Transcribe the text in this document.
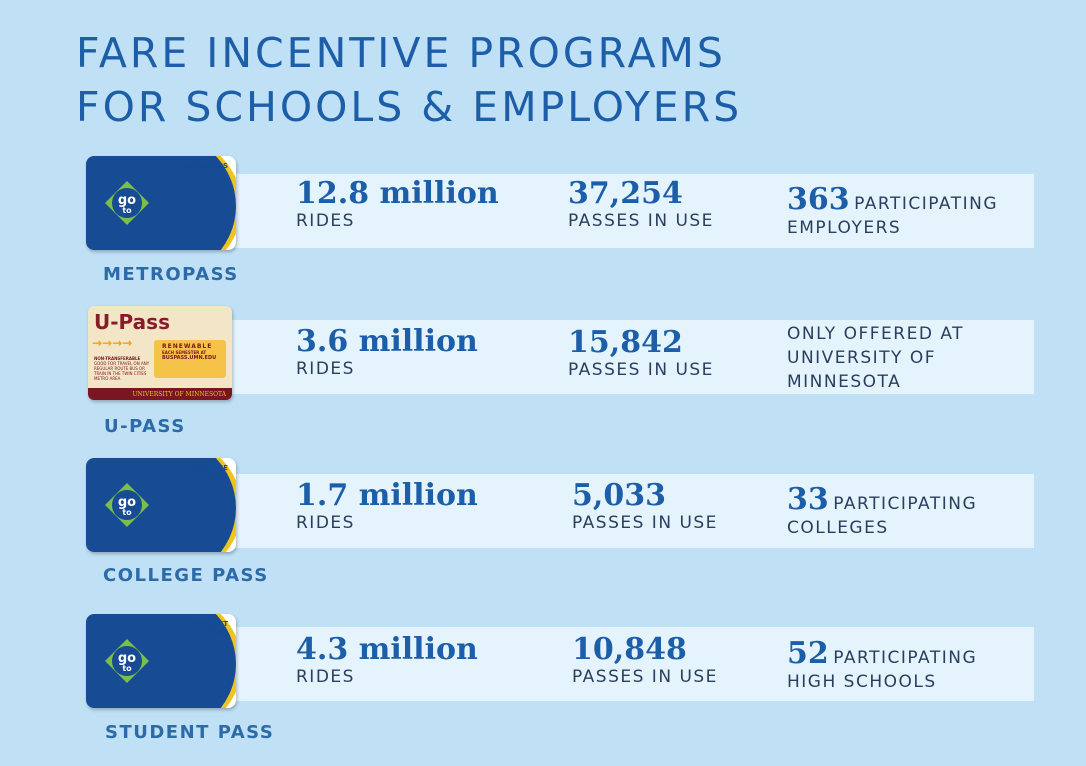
FARE INCENTIVE PROGRAMS
FOR SCHOOLS & EMPLOYERS
METROPASS
go
to
METROPASS
12.8 million
RIDES
37,254
PASSES IN USE
363 PARTICIPATING
EMPLOYERS
U-Pass
→→→→	RENEWABLE
EACH SEMESTER AT
BUSPASS.UMN.EDU
NON-TRANSFERABLE
GOOD FOR TRAVEL ON ANY REGULAR ROUTE BUS OR TRAIN IN THE TWIN CITIES METRO AREA
UNIVERSITY OF MINNESOTA
U-PASS
3.6 million
RIDES
15,842
PASSES IN USE
ONLY OFFERED AT
UNIVERSITY OF
MINNESOTA
COLLEGE
PASS
go
to
COLLEGE PASS
1.7 million
RIDES
5,033
PASSES IN USE
33 PARTICIPATING
COLLEGES
STUDENT
PASS
go
to
STUDENT PASS
4.3 million
RIDES
10,848
PASSES IN USE
52 PARTICIPATING
HIGH SCHOOLS
